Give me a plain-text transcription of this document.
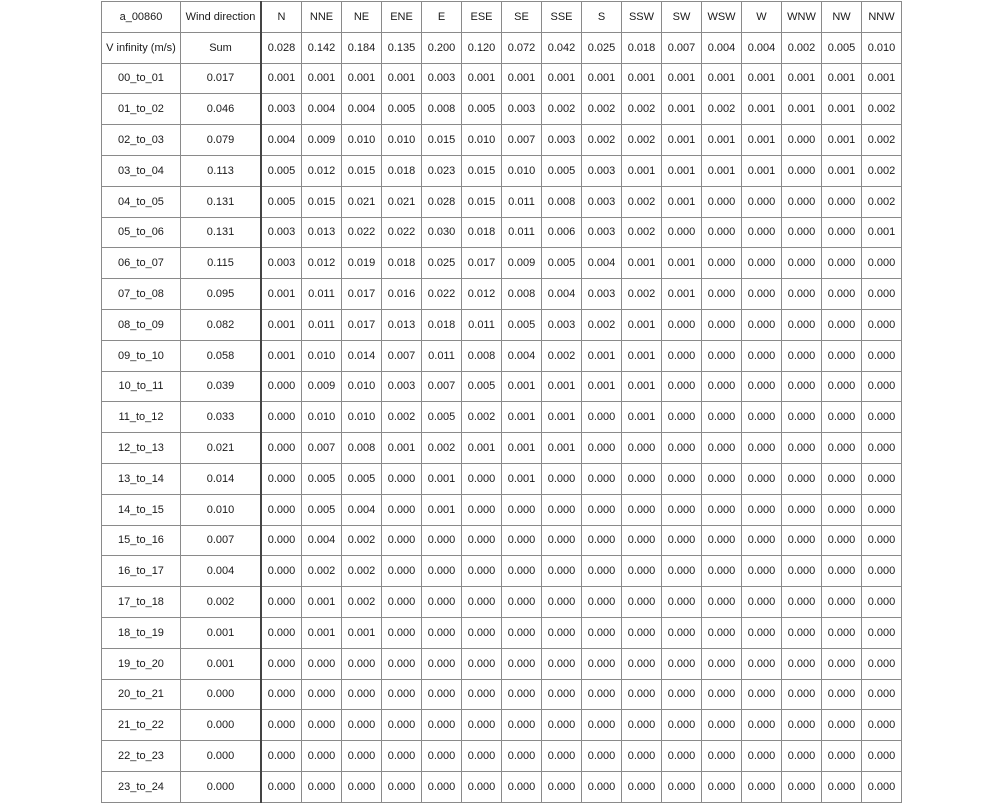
a_00860	Wind direction	N	NNE	NE	ENE	E	ESE	SE	SSE	S	SSW	SW	WSW	W	WNW	NW	NNW
V infinity (m/s)	Sum	0.028	0.142	0.184	0.135	0.200	0.120	0.072	0.042	0.025	0.018	0.007	0.004	0.004	0.002	0.005	0.010
00_to_01	0.017	0.001	0.001	0.001	0.001	0.003	0.001	0.001	0.001	0.001	0.001	0.001	0.001	0.001	0.001	0.001	0.001
01_to_02	0.046	0.003	0.004	0.004	0.005	0.008	0.005	0.003	0.002	0.002	0.002	0.001	0.002	0.001	0.001	0.001	0.002
02_to_03	0.079	0.004	0.009	0.010	0.010	0.015	0.010	0.007	0.003	0.002	0.002	0.001	0.001	0.001	0.000	0.001	0.002
03_to_04	0.113	0.005	0.012	0.015	0.018	0.023	0.015	0.010	0.005	0.003	0.001	0.001	0.001	0.001	0.000	0.001	0.002
04_to_05	0.131	0.005	0.015	0.021	0.021	0.028	0.015	0.011	0.008	0.003	0.002	0.001	0.000	0.000	0.000	0.000	0.002
05_to_06	0.131	0.003	0.013	0.022	0.022	0.030	0.018	0.011	0.006	0.003	0.002	0.000	0.000	0.000	0.000	0.000	0.001
06_to_07	0.115	0.003	0.012	0.019	0.018	0.025	0.017	0.009	0.005	0.004	0.001	0.001	0.000	0.000	0.000	0.000	0.000
07_to_08	0.095	0.001	0.011	0.017	0.016	0.022	0.012	0.008	0.004	0.003	0.002	0.001	0.000	0.000	0.000	0.000	0.000
08_to_09	0.082	0.001	0.011	0.017	0.013	0.018	0.011	0.005	0.003	0.002	0.001	0.000	0.000	0.000	0.000	0.000	0.000
09_to_10	0.058	0.001	0.010	0.014	0.007	0.011	0.008	0.004	0.002	0.001	0.001	0.000	0.000	0.000	0.000	0.000	0.000
10_to_11	0.039	0.000	0.009	0.010	0.003	0.007	0.005	0.001	0.001	0.001	0.001	0.000	0.000	0.000	0.000	0.000	0.000
11_to_12	0.033	0.000	0.010	0.010	0.002	0.005	0.002	0.001	0.001	0.000	0.001	0.000	0.000	0.000	0.000	0.000	0.000
12_to_13	0.021	0.000	0.007	0.008	0.001	0.002	0.001	0.001	0.001	0.000	0.000	0.000	0.000	0.000	0.000	0.000	0.000
13_to_14	0.014	0.000	0.005	0.005	0.000	0.001	0.000	0.001	0.000	0.000	0.000	0.000	0.000	0.000	0.000	0.000	0.000
14_to_15	0.010	0.000	0.005	0.004	0.000	0.001	0.000	0.000	0.000	0.000	0.000	0.000	0.000	0.000	0.000	0.000	0.000
15_to_16	0.007	0.000	0.004	0.002	0.000	0.000	0.000	0.000	0.000	0.000	0.000	0.000	0.000	0.000	0.000	0.000	0.000
16_to_17	0.004	0.000	0.002	0.002	0.000	0.000	0.000	0.000	0.000	0.000	0.000	0.000	0.000	0.000	0.000	0.000	0.000
17_to_18	0.002	0.000	0.001	0.002	0.000	0.000	0.000	0.000	0.000	0.000	0.000	0.000	0.000	0.000	0.000	0.000	0.000
18_to_19	0.001	0.000	0.001	0.001	0.000	0.000	0.000	0.000	0.000	0.000	0.000	0.000	0.000	0.000	0.000	0.000	0.000
19_to_20	0.001	0.000	0.000	0.000	0.000	0.000	0.000	0.000	0.000	0.000	0.000	0.000	0.000	0.000	0.000	0.000	0.000
20_to_21	0.000	0.000	0.000	0.000	0.000	0.000	0.000	0.000	0.000	0.000	0.000	0.000	0.000	0.000	0.000	0.000	0.000
21_to_22	0.000	0.000	0.000	0.000	0.000	0.000	0.000	0.000	0.000	0.000	0.000	0.000	0.000	0.000	0.000	0.000	0.000
22_to_23	0.000	0.000	0.000	0.000	0.000	0.000	0.000	0.000	0.000	0.000	0.000	0.000	0.000	0.000	0.000	0.000	0.000
23_to_24	0.000	0.000	0.000	0.000	0.000	0.000	0.000	0.000	0.000	0.000	0.000	0.000	0.000	0.000	0.000	0.000	0.000
